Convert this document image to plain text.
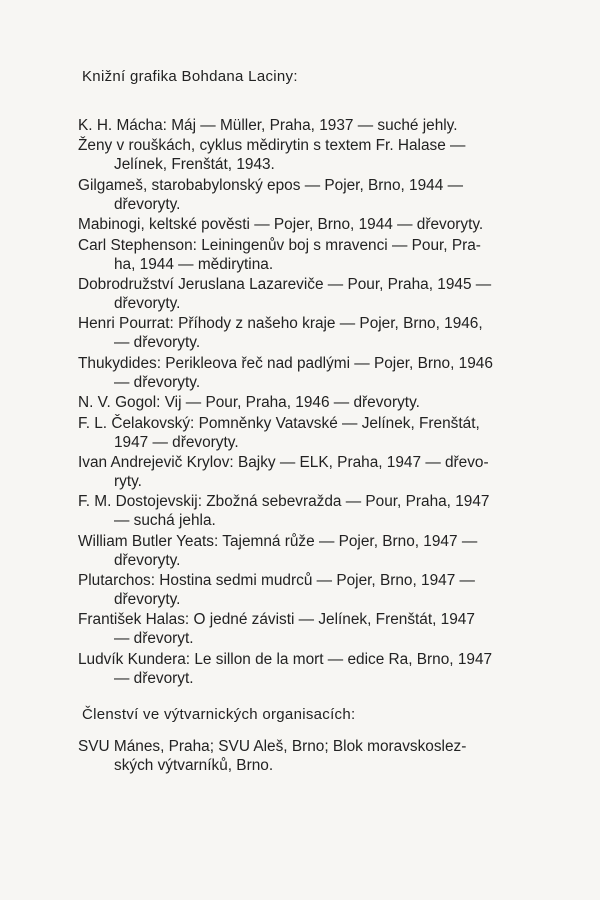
Knižní grafika Bohdana Laciny:
K. H. Mácha: Máj — Müller, Praha, 1937 — suché jehly.
Ženy v rouškách, cyklus mědirytin s textem Fr. Halase —
Jelínek, Frenštát, 1943.
Gilgameš, starobabylonský epos — Pojer, Brno, 1944 —
dřevoryty.
Mabinogi, keltské pověsti — Pojer, Brno, 1944 — dřevoryty.
Carl Stephenson: Leiningenův boj s mravenci — Pour, Pra-
ha, 1944 — mědirytina.
Dobrodružství Jeruslana Lazareviče — Pour, Praha, 1945 —
dřevoryty.
Henri Pourrat: Příhody z našeho kraje — Pojer, Brno, 1946,
— dřevoryty.
Thukydides: Perikleova řeč nad padlými — Pojer, Brno, 1946
— dřevoryty.
N. V. Gogol: Vij — Pour, Praha, 1946 — dřevoryty.
F. L. Čelakovský: Pomněnky Vatavské — Jelínek, Frenštát,
1947 — dřevoryty.
Ivan Andrejevič Krylov: Bajky — ELK, Praha, 1947 — dřevo-
ryty.
F. M. Dostojevskij: Zbožná sebevražda — Pour, Praha, 1947
— suchá jehla.
William Butler Yeats: Tajemná růže — Pojer, Brno, 1947 —
dřevoryty.
Plutarchos: Hostina sedmi mudrců — Pojer, Brno, 1947 —
dřevoryty.
František Halas: O jedné závisti — Jelínek, Frenštát, 1947
— dřevoryt.
Ludvík Kundera: Le sillon de la mort — edice Ra, Brno, 1947
— dřevoryt.
Členství ve výtvarnických organisacích:
SVU Mánes, Praha; SVU Aleš, Brno; Blok moravskoslez-
ských výtvarníků, Brno.
